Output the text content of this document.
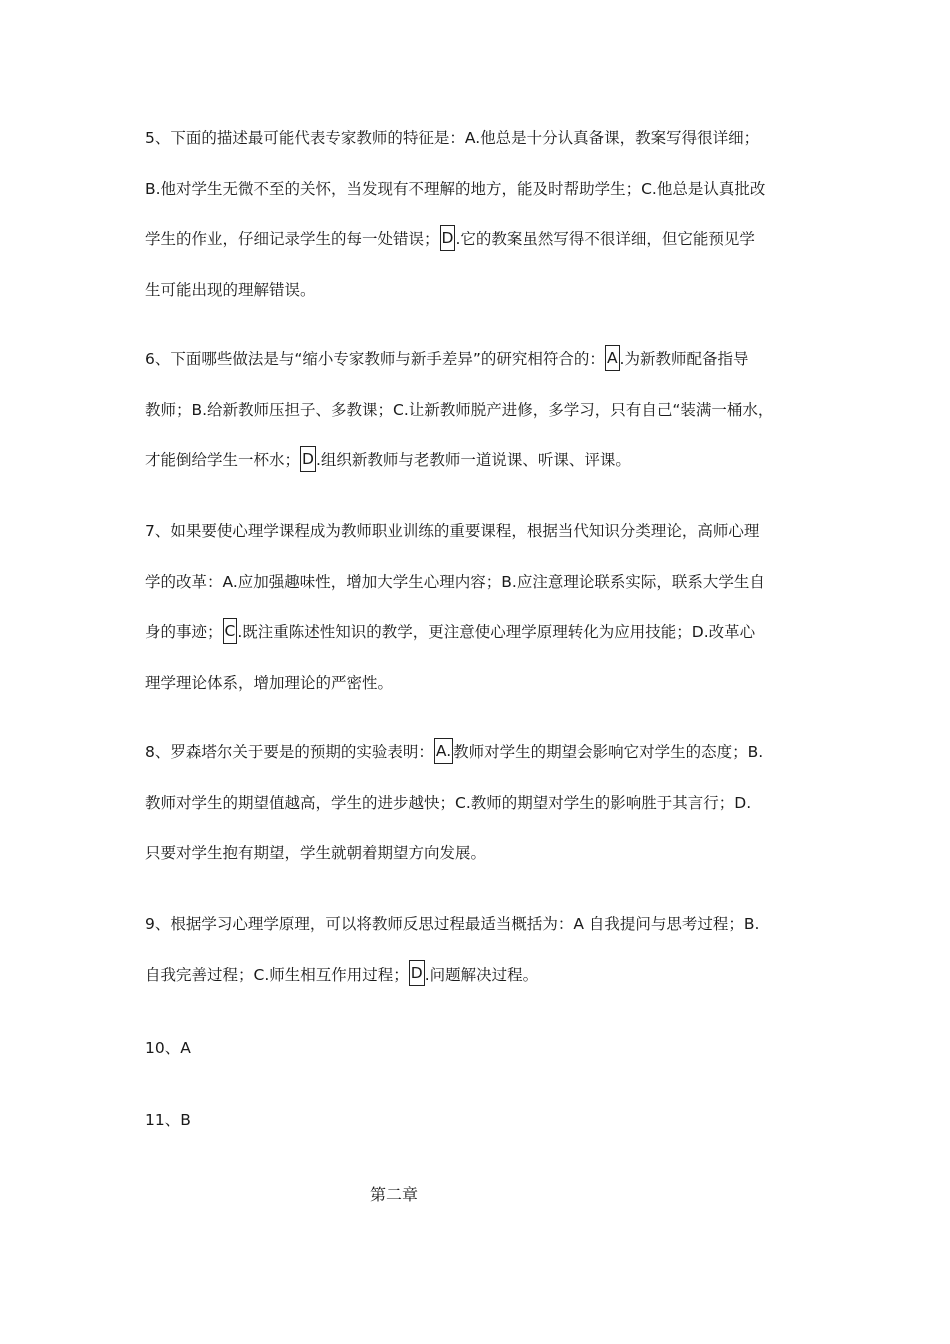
5、下面的描述最可能代表专家教师的特征是：A.他总是十分认真备课，教案写得很详细；
B.他对学生无微不至的关怀，当发现有不理解的地方，能及时帮助学生；C.他总是认真批改
学生的作业，仔细记录学生的每一处错误； D .它的教案虽然写得不很详细，但它能预见学
生可能出现的理解错误。
6、下面哪些做法是与“缩小专家教师与新手差异”的研究相符合的： A .为新教师配备指导
教师；B.给新教师压担子、多教课；C.让新教师脱产进修，多学习，只有自己“装满一桶水，
才能倒给学生一杯水； D .组织新教师与老教师一道说课、听课、评课。
7、如果要使心理学课程成为教师职业训练的重要课程，根据当代知识分类理论，高师心理
学的改革：A.应加强趣味性，增加大学生心理内容；B.应注意理论联系实际，联系大学生自
身的事迹； C .既注重陈述性知识的教学，更注意使心理学原理转化为应用技能；D.改革心
理学理论体系，增加理论的严密性。
8、罗森塔尔关于要是的预期的实验表明： A. 教师对学生的期望会影响它对学生的态度；B.
教师对学生的期望值越高，学生的进步越快；C.教师的期望对学生的影响胜于其言行；D.
只要对学生抱有期望，学生就朝着期望方向发展。
9、根据学习心理学原理，可以将教师反思过程最适当概括为：A 自我提问与思考过程；B.
自我完善过程；C.师生相互作用过程； D .问题解决过程。
10、A
11、B
第二章
